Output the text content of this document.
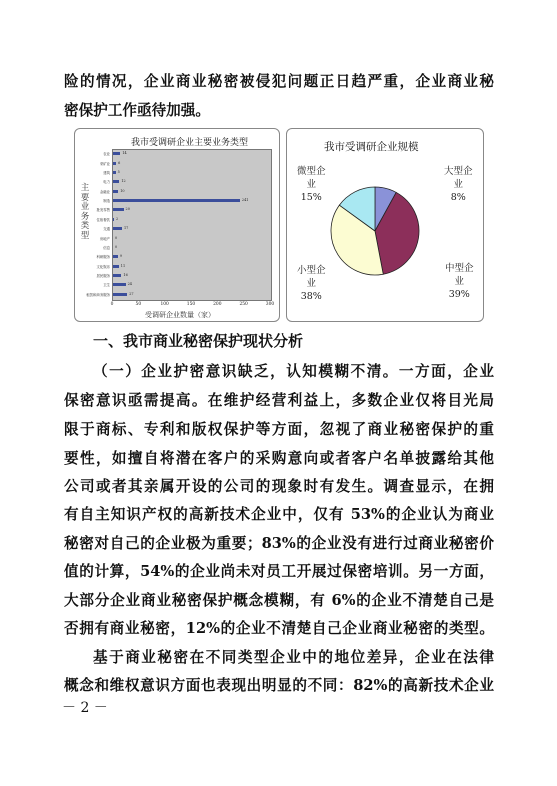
险的情况，企业商业秘密被侵犯问题正日趋严重，企业商业秘
密保护工作亟待加强。
我市受调研企业主要业务类型
主
要
业
务
类
型
受调研企业数量（家）
农业	14
采矿业 6
建筑 5
电力	12
金融业	10
制造	241
批发零售	20
住宿餐饮 2
交通	17
房地产 0
信息 0
科研服务	9
文化娱乐	11
居民服务	16
卫生	24
租赁和商务服务	27
0	50	100	150	200	250	300
我市受调研企业规模
大型企
业
8%
中型企
业
39%
小型企
业
38%
微型企
业
15%
一、我市商业秘密保护现状分析
（一）企业护密意识缺乏，认知模糊不清。一方面，企业
保密意识亟需提高。在维护经营利益上，多数企业仅将目光局
限于商标、专利和版权保护等方面，忽视了商业秘密保护的重
要性，如擅自将潜在客户的采购意向或者客户名单披露给其他
公司或者其亲属开设的公司的现象时有发生。调查显示，在拥
有自主知识产权的高新技术企业中，仅有 53%的企业认为商业
秘密对自己的企业极为重要；83%的企业没有进行过商业秘密价
值的计算，54%的企业尚未对员工开展过保密培训。另一方面，
大部分企业商业秘密保护概念模糊，有 6%的企业不清楚自己是
否拥有商业秘密，12%的企业不清楚自己企业商业秘密的类型。
基于商业秘密在不同类型企业中的地位差异，企业在法律
概念和维权意识方面也表现出明显的不同：82%的高新技术企业
－ 2 －
